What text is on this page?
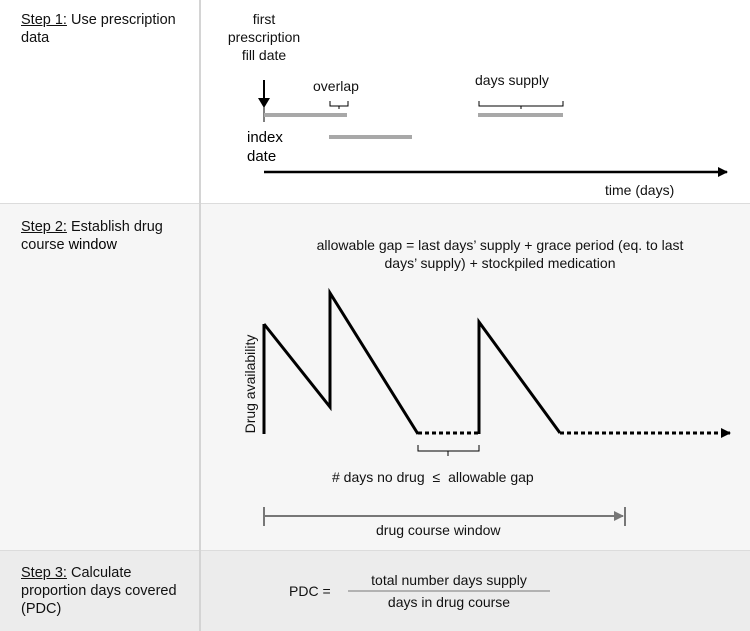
Step 1: Use prescription data
Step 2: Establish drug course window
Step 3: Calculate proportion days covered (PDC)
first
prescription
fill date
overlap	days supply
index
date
time (days)
allowable gap = last days’ supply + grace period (eq. to last
days’ supply) + stockpiled medication
Drug availability
# days no drug ≤ allowable gap
drug course window
PDC =
total number days supply
days in drug course
